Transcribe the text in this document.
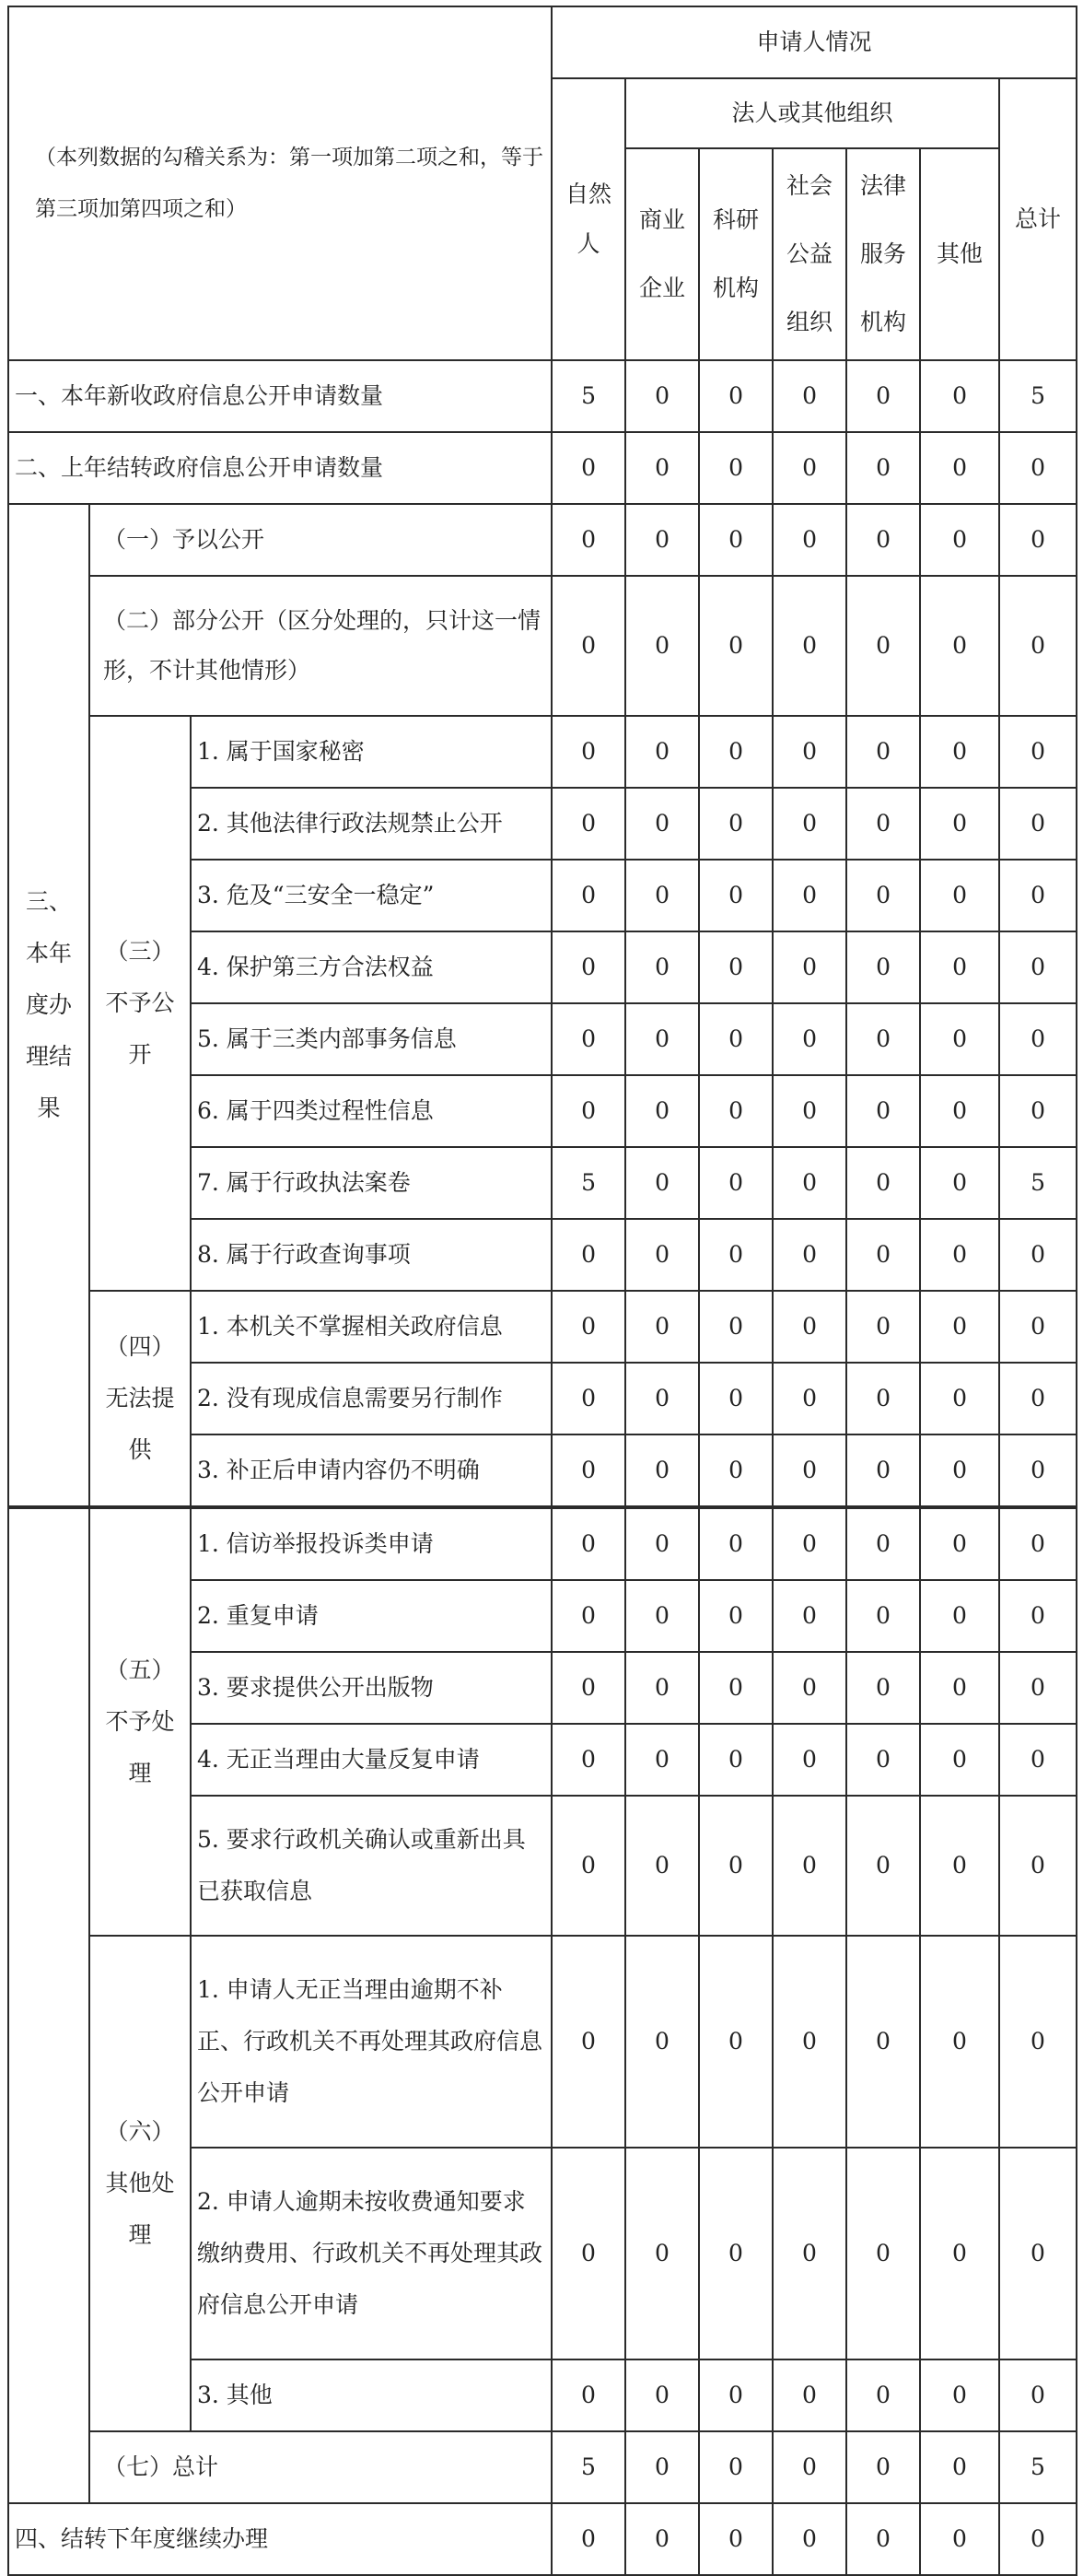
（本列数据的勾稽关系为：第一项加第二项之和，等于第三项加第四项之和）			申请人情况						
			自然人	法人或其他组织					总计
				商业企业	科研机构	社会公益组织	法律服务机构	其他	
一、本年新收政府信息公开申请数量			5	0	0	0	0	0	5
二、上年结转政府信息公开申请数量			0	0	0	0	0	0	0
三、本年度办理结果	（一）予以公开		0	0	0	0	0	0	0
	（二）部分公开（区分处理的，只计这一情形，不计其他情形）		0	0	0	0	0	0	0
	（三）不予公开	1. 属于国家秘密	0	0	0	0	0	0	0
		2. 其他法律行政法规禁止公开	0	0	0	0	0	0	0
		3. 危及“三安全一稳定”	0	0	0	0	0	0	0
		4. 保护第三方合法权益	0	0	0	0	0	0	0
		5. 属于三类内部事务信息	0	0	0	0	0	0	0
		6. 属于四类过程性信息	0	0	0	0	0	0	0
		7. 属于行政执法案卷	5	0	0	0	0	0	5
		8. 属于行政查询事项	0	0	0	0	0	0	0
	（四）无法提供	1. 本机关不掌握相关政府信息	0	0	0	0	0	0	0
		2. 没有现成信息需要另行制作	0	0	0	0	0	0	0
		3. 补正后申请内容仍不明确	0	0	0	0	0	0	0
	（五）不予处理	1. 信访举报投诉类申请	0	0	0	0	0	0	0
		2. 重复申请	0	0	0	0	0	0	0
		3. 要求提供公开出版物	0	0	0	0	0	0	0
		4. 无正当理由大量反复申请	0	0	0	0	0	0	0
		5. 要求行政机关确认或重新出具已获取信息	0	0	0	0	0	0	0
	（六）其他处理	1. 申请人无正当理由逾期不补正、行政机关不再处理其政府信息公开申请	0	0	0	0	0	0	0
		2. 申请人逾期未按收费通知要求缴纳费用、行政机关不再处理其政府信息公开申请	0	0	0	0	0	0	0
		3. 其他	0	0	0	0	0	0	0
	（七）总计		5	0	0	0	0	0	5
四、结转下年度继续办理			0	0	0	0	0	0	0
